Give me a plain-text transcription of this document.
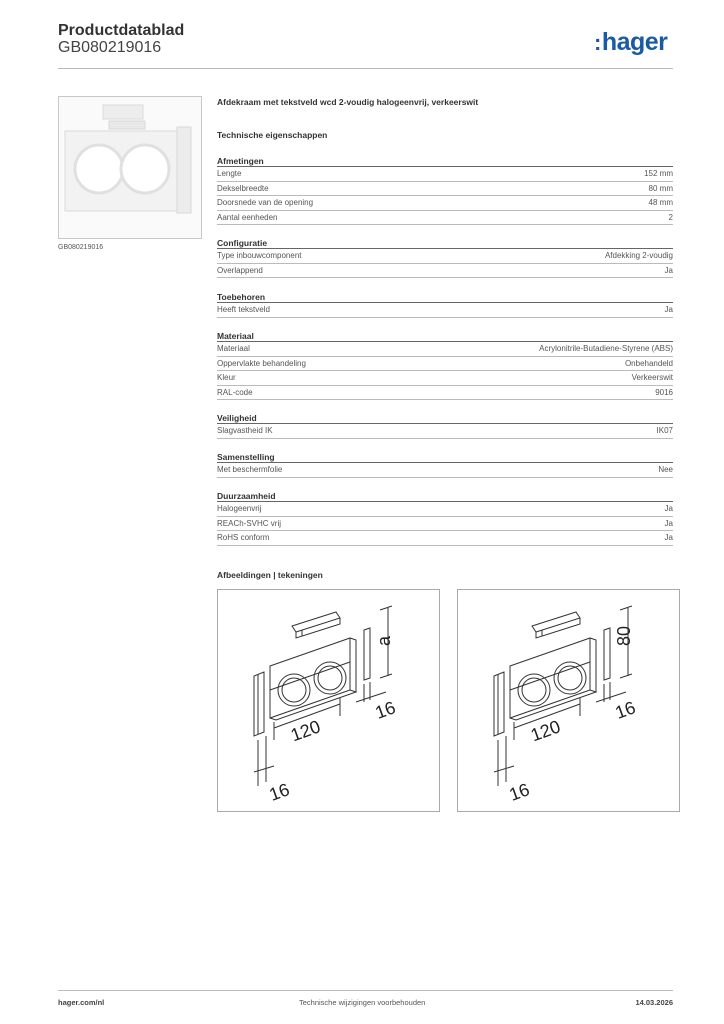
Productdatablad
GB080219016	:hager
GB080219016
Afdekraam met tekstveld wcd 2-voudig halogeenvrij, verkeerswit
Technische eigenschappen
Afmetingen
Lengte	152 mm
Dekselbreedte	80 mm
Doorsnede van de opening	48 mm
Aantal eenheden	2
Configuratie
Type inbouwcomponent	Afdekking 2-voudig
Overlappend	Ja
Toebehoren
Heeft tekstveld	Ja
Materiaal
Materiaal	Acrylonitrile-Butadiene-Styrene (ABS)
Oppervlakte behandeling	Onbehandeld
Kleur	Verkeerswit
RAL-code	9016
Veiligheid
Slagvastheid IK	IK07
Samenstelling
Met beschermfolie	Nee
Duurzaamheid
Halogeenvrij	Ja
REACh-SVHC vrij	Ja
RoHS conform	Ja
Afbeeldingen | tekeningen
a
120
16
16
80
120
16
16
hager.com/nl	Technische wijzigingen voorbehouden	14.03.2026
